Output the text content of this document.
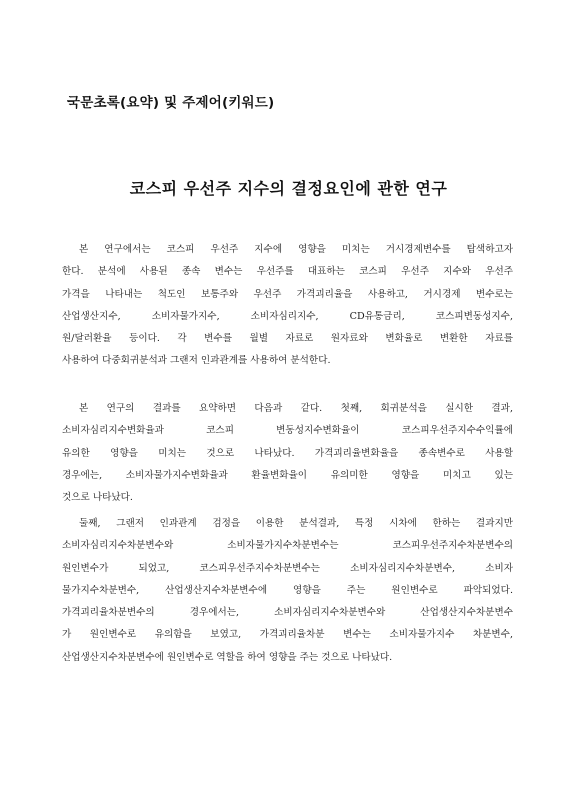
국문초록(요약) 및 주제어(키워드)
코스피 우선주 지수의 결정요인에 관한 연구
본 연구에서는 코스피 우선주 지수에 영향을 미치는 거시경제변수를 탐색하고자
한다. 분석에 사용된 종속 변수는 우선주를 대표하는 코스피 우선주 지수와 우선주
가격을 나타내는 척도인 보통주와 우선주 가격괴리율을 사용하고, 거시경제 변수로는
산업생산지수, 소비자물가지수, 소비자심리지수, CD유통금리, 코스피변동성지수,
원/달러환율 등이다. 각 변수를 월별 자료로 원자료와 변화율로 변환한 자료를
사용하여 다중회귀분석과 그랜저 인과관계를 사용하여 분석한다.
본 연구의 결과를 요약하면 다음과 같다. 첫째, 회귀분석을 실시한 결과,
소비자심리지수변화율과 코스피 변동성지수변화율이 코스피우선주지수수익률에
유의한 영향을 미치는 것으로 나타났다. 가격괴리율변화율을 종속변수로 사용할
경우에는, 소비자물가지수변화율과 환율변화율이 유의미한 영향을 미치고 있는
것으로 나타났다.
둘째, 그랜저 인과관계 검정을 이용한 분석결과, 특정 시차에 한하는 결과지만
소비자심리지수차분변수와 소비자물가지수차분변수는 코스피우선주지수차분변수의
원인변수가 되었고, 코스피우선주지수차분변수는 소비자심리지수차분변수, 소비자
물가지수차분변수, 산업생산지수차분변수에 영향을 주는 원인변수로 파악되었다.
가격괴리율차분변수의 경우에서는, 소비자심리지수차분변수와 산업생산지수차분변수
가 원인변수로 유의함을 보였고, 가격괴리율차분 변수는 소비자물가지수 차분변수,
산업생산지수차분변수에 원인변수로 역할을 하여 영향을 주는 것으로 나타났다.
